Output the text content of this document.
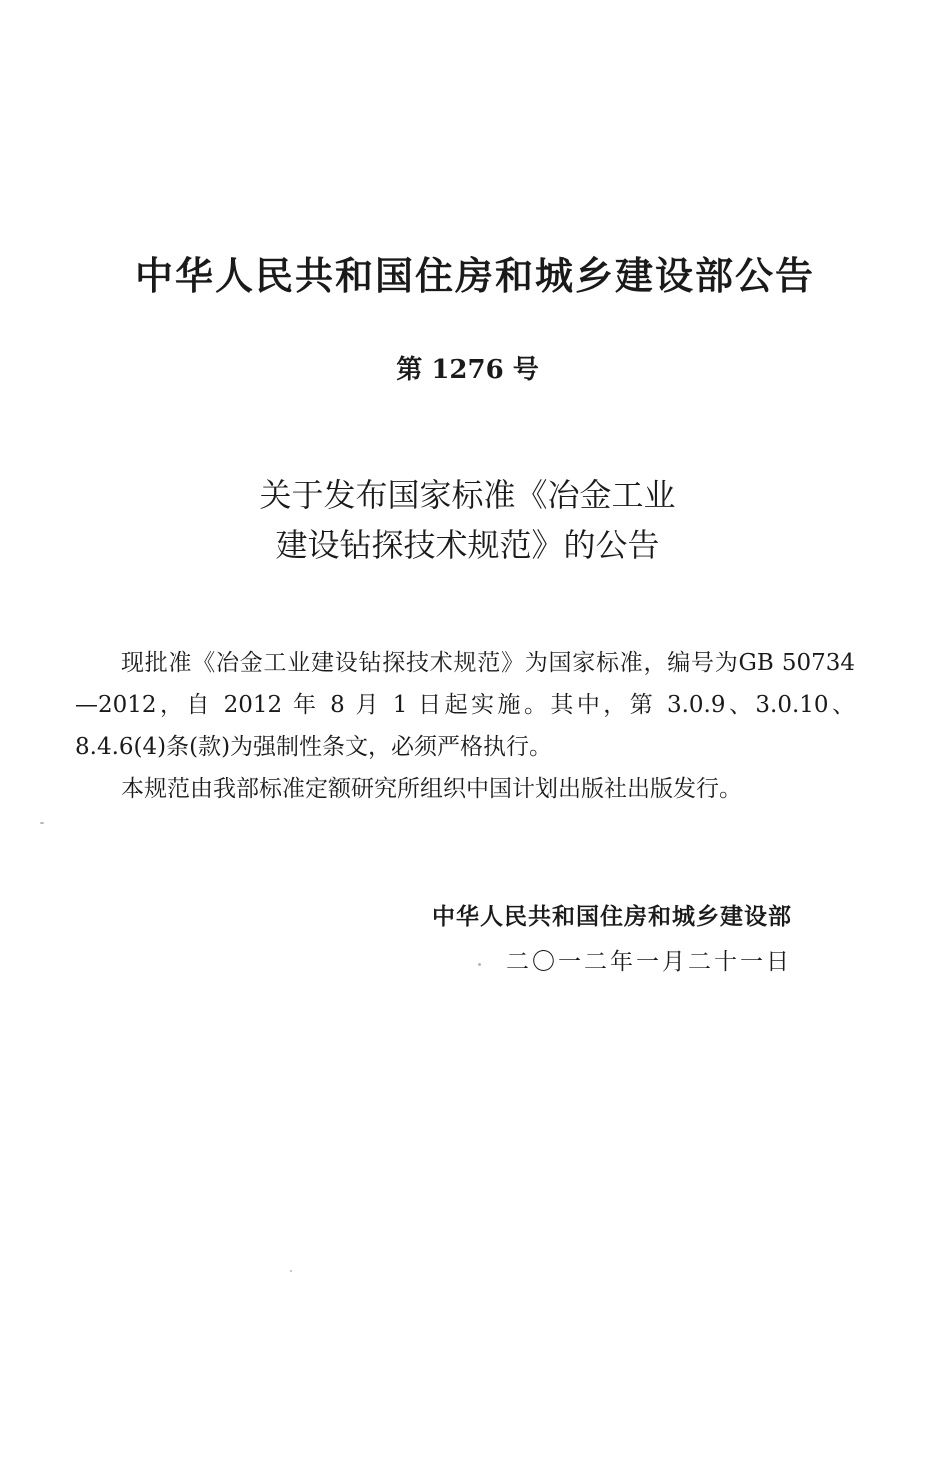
中华人民共和国住房和城乡建设部公告
第 1276 号
关于发布国家标准《冶金工业
建设钻探技术规范》的公告

现批准《冶金工业建设钻探技术规范》为国家标准，编号为GB 50734—2012，自 2012 年 8 月 1 日起实施。其中，第 3.0.9、3.0.10、8.4.6(4)条(款)为强制性条文，必须严格执行。

本规范由我部标准定额研究所组织中国计划出版社出版发行。

中华人民共和国住房和城乡建设部
二〇一二年一月二十一日
